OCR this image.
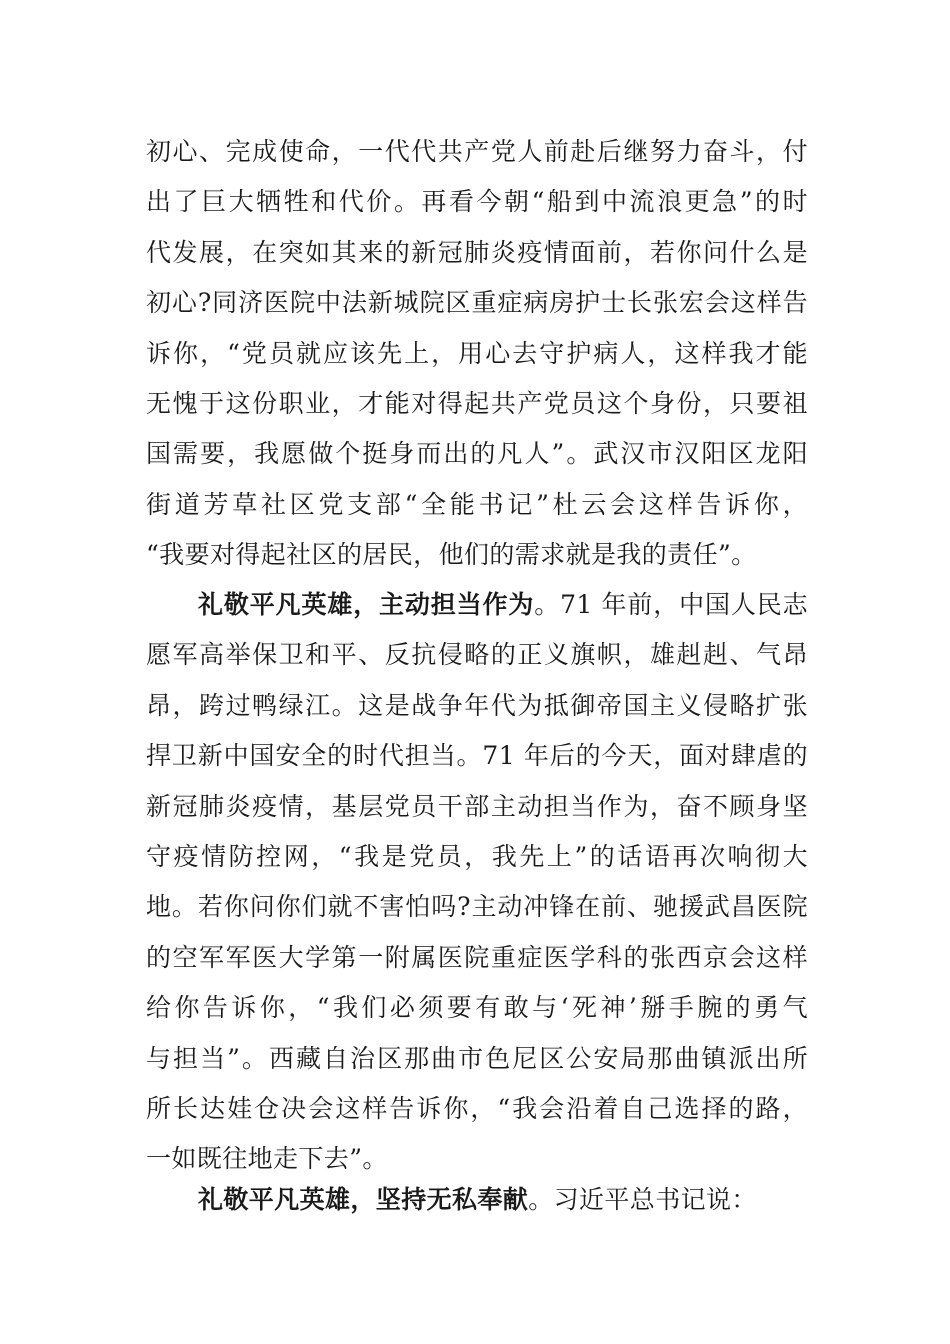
初心、完成使命，一代代共产党人前赴后继努力奋斗，付
出了巨大牺牲和代价。再看今朝“船到中流浪更急”的时
代发展，在突如其来的新冠肺炎疫情面前，若你问什么是
初心?同济医院中法新城院区重症病房护士长张宏会这样告
诉你，“党员就应该先上，用心去守护病人，这样我才能
无愧于这份职业，才能对得起共产党员这个身份，只要祖
国需要，我愿做个挺身而出的凡人”。武汉市汉阳区龙阳
街道芳草社区党支部“全能书记”杜云会这样告诉你，
“我要对得起社区的居民，他们的需求就是我的责任”。
礼敬平凡英雄，主动担当作为。71 年前，中国人民志
愿军高举保卫和平、反抗侵略的正义旗帜，雄赳赳、气昂
昂，跨过鸭绿江。这是战争年代为抵御帝国主义侵略扩张
捍卫新中国安全的时代担当。71 年后的今天，面对肆虐的
新冠肺炎疫情，基层党员干部主动担当作为，奋不顾身坚
守疫情防控网，“我是党员，我先上”的话语再次响彻大
地。若你问你们就不害怕吗?主动冲锋在前、驰援武昌医院
的空军军医大学第一附属医院重症医学科的张西京会这样
给你告诉你，“我们必须要有敢与‘死神’掰手腕的勇气
与担当”。西藏自治区那曲市色尼区公安局那曲镇派出所
所长达娃仓决会这样告诉你，“我会沿着自己选择的路，
一如既往地走下去”。
礼敬平凡英雄，坚持无私奉献。习近平总书记说：
